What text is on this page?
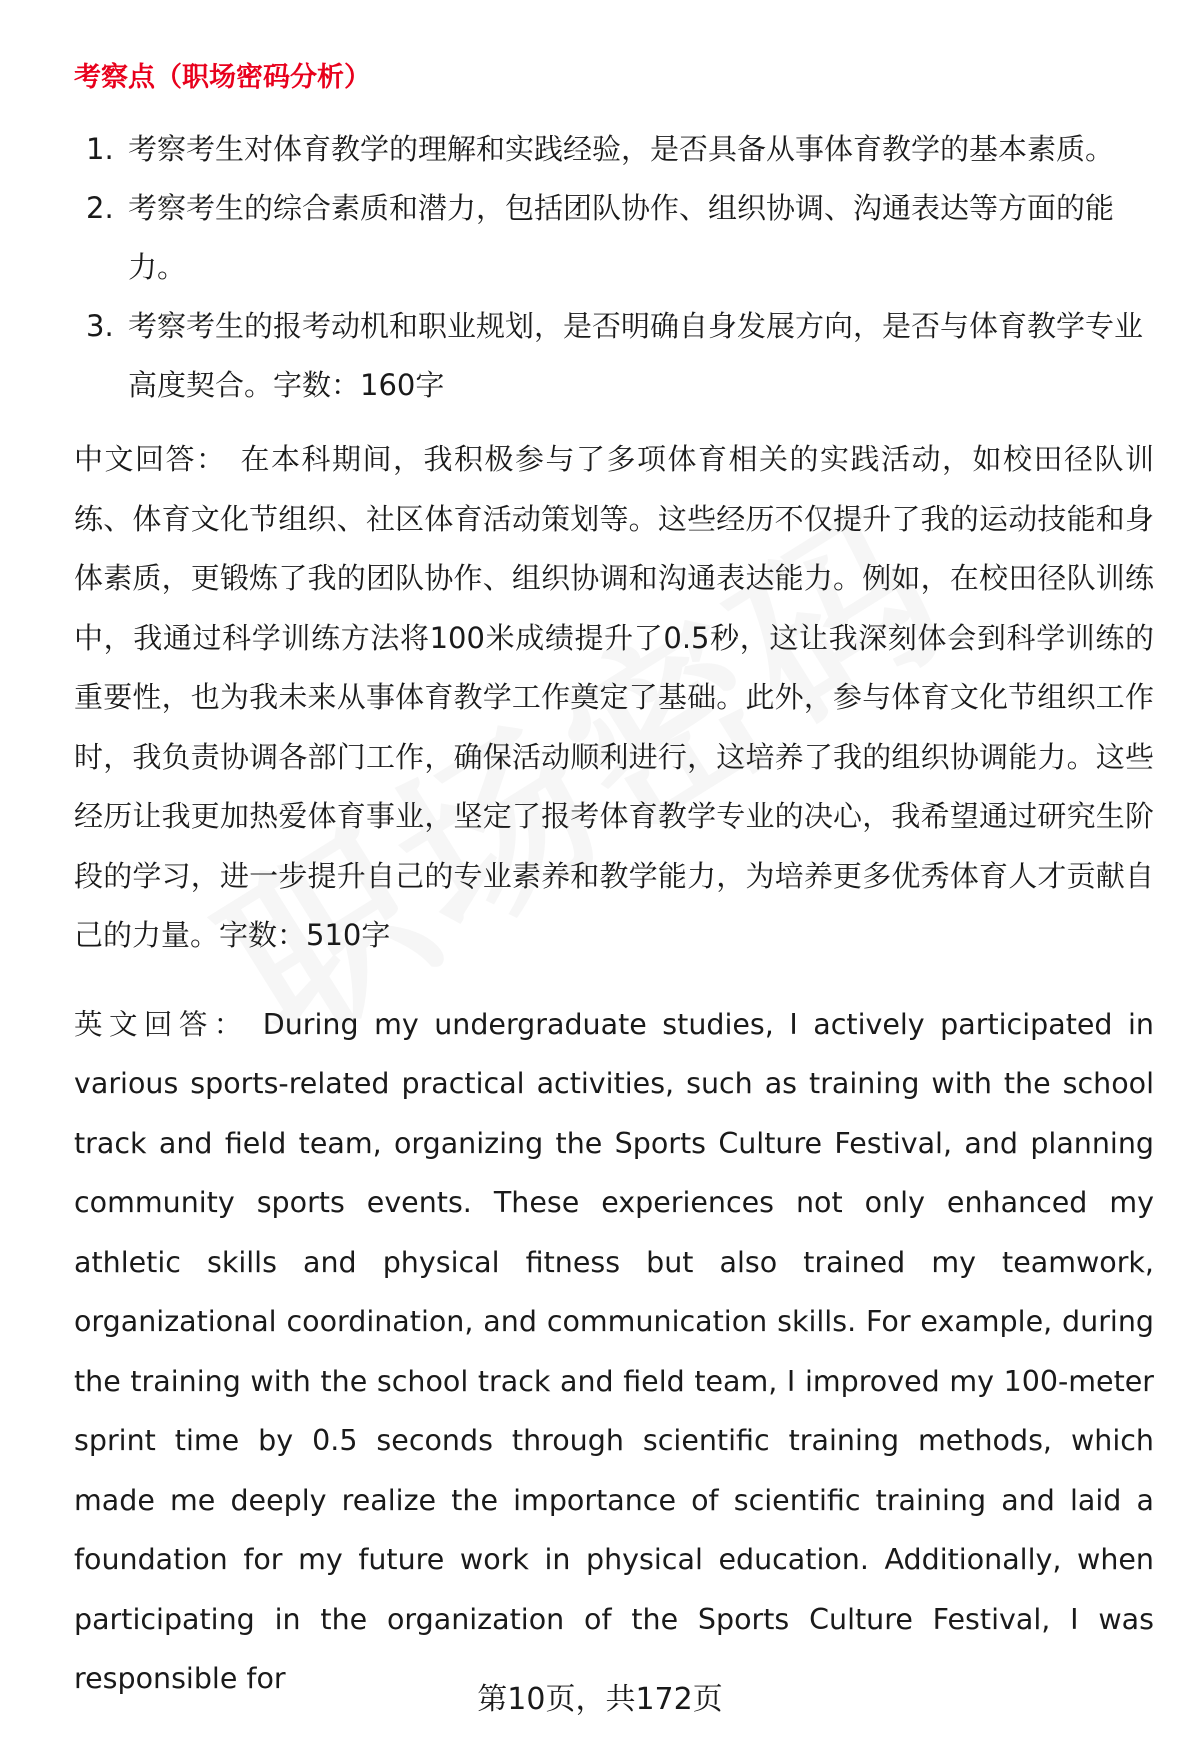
考察点（职场密码分析）
1. 考察考生对体育教学的理解和实践经验，是否具备从事体育教学的基本素质。
2. 考察考生的综合素质和潜力，包括团队协作、组织协调、沟通表达等方面的能力。
3. 考察考生的报考动机和职业规划，是否明确自身发展方向，是否与体育教学专业高度契合。字数：160字

中文回答： 在本科期间，我积极参与了多项体育相关的实践活动，如校田径队训练、体育文化节组织、社区体育活动策划等。这些经历不仅提升了我的运动技能和身体素质，更锻炼了我的团队协作、组织协调和沟通表达能力。例如，在校田径队训练中，我通过科学训练方法将100米成绩提升了0.5秒，这让我深刻体会到科学训练的重要性，也为我未来从事体育教学工作奠定了基础。此外，参与体育文化节组织工作时，我负责协调各部门工作，确保活动顺利进行，这培养了我的组织协调能力。这些经历让我更加热爱体育事业，坚定了报考体育教学专业的决心，我希望通过研究生阶段的学习，进一步提升自己的专业素养和教学能力，为培养更多优秀体育人才贡献自己的力量。字数：510字

英文回答： During my undergraduate studies, I actively participated in various sports-related practical activities, such as training with the school track and field team, organizing the Sports Culture Festival, and planning community sports events. These experiences not only enhanced my athletic skills and physical fitness but also trained my teamwork, organizational coordination, and communication skills. For example, during the training with the school track and field team, I improved my 100-meter sprint time by 0.5 seconds through scientific training methods, which made me deeply realize the importance of scientific training and laid a foundation for my future work in physical education. Additionally, when participating in the organization of the Sports Culture Festival, I was responsible for

第10页，共172页
